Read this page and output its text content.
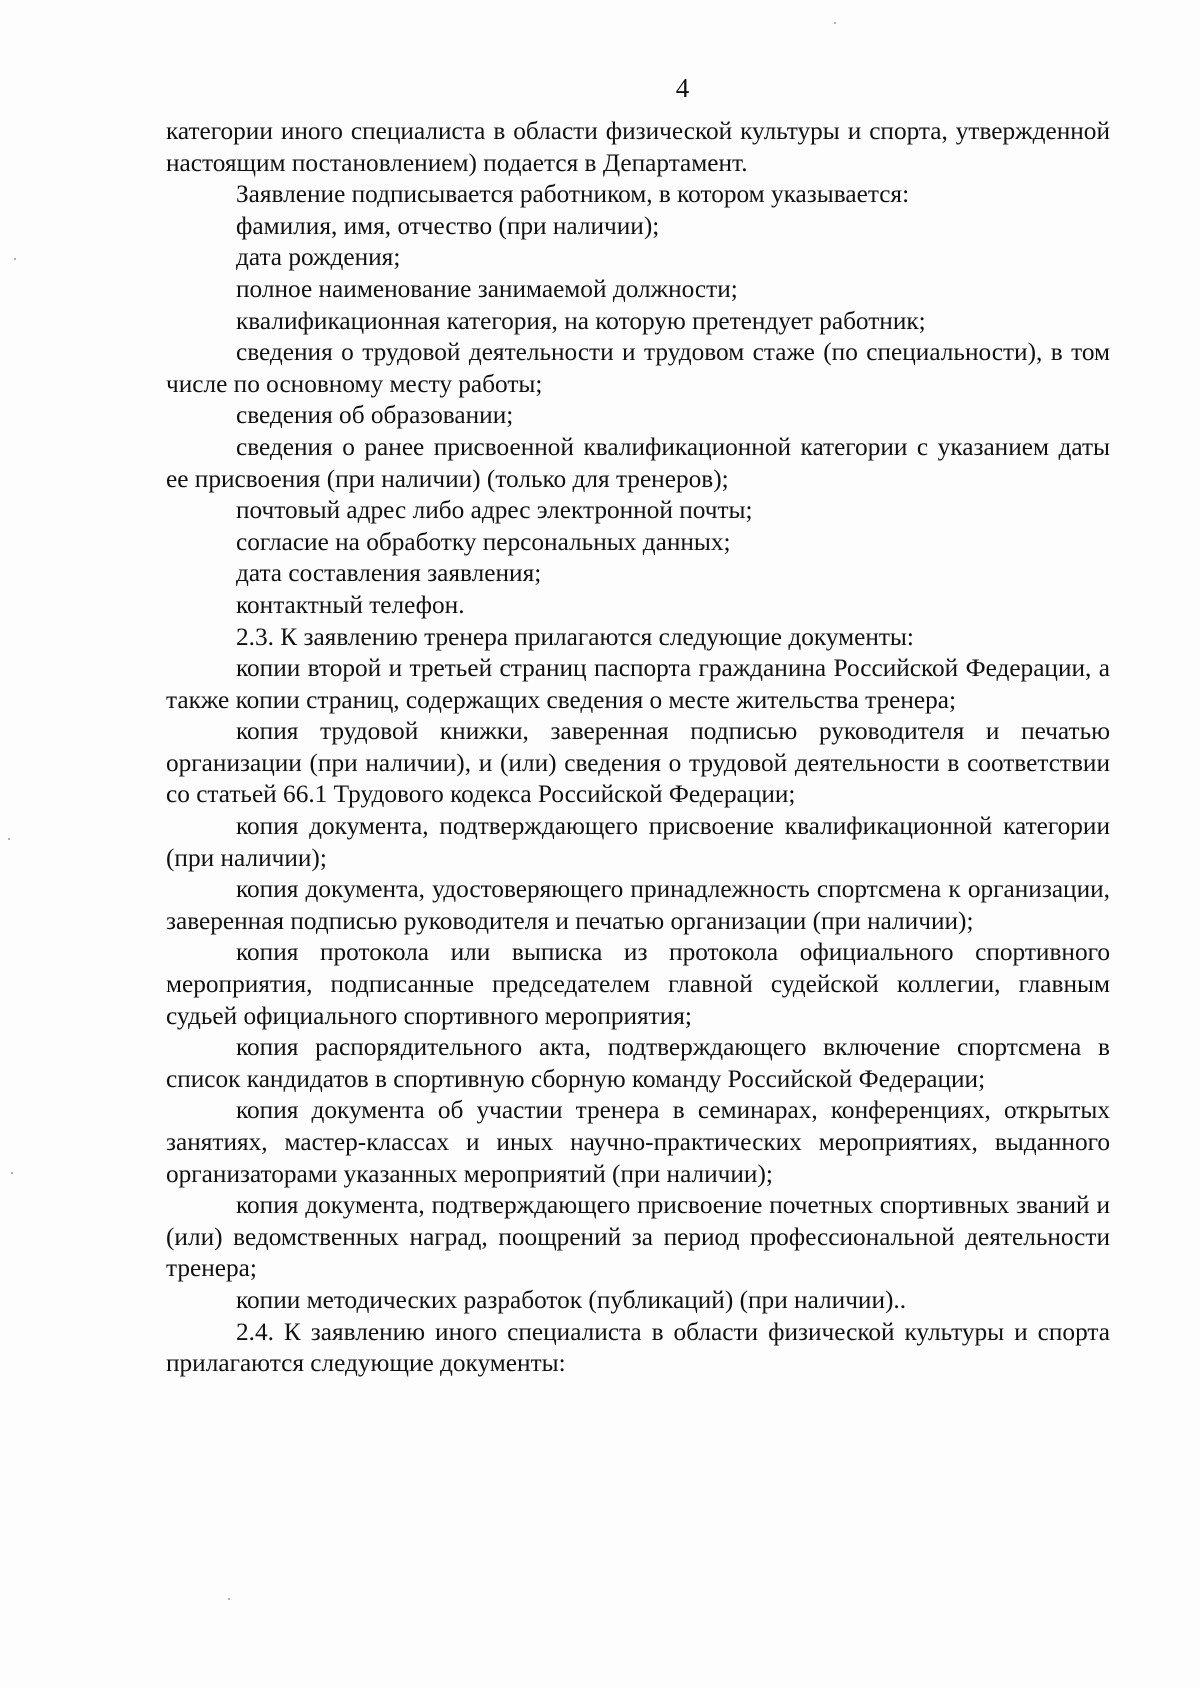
4

категории иного специалиста в области физической культуры и спорта, утвержденной настоящим постановлением) подается в Департамент.

Заявление подписывается работником, в котором указывается:

фамилия, имя, отчество (при наличии);

дата рождения;

полное наименование занимаемой должности;

квалификационная категория, на которую претендует работник;

сведения о трудовой деятельности и трудовом стаже (по специальности), в том числе по основному месту работы;

сведения об образовании;

сведения о ранее присвоенной квалификационной категории с указанием даты ее присвоения (при наличии) (только для тренеров);

почтовый адрес либо адрес электронной почты;

согласие на обработку персональных данных;

дата составления заявления;

контактный телефон.

2.3. К заявлению тренера прилагаются следующие документы:

копии второй и третьей страниц паспорта гражданина Российской Федерации, а также копии страниц, содержащих сведения о месте жительства тренера;

копия трудовой книжки, заверенная подписью руководителя и печатью организации (при наличии), и (или) сведения о трудовой деятельности в соответствии со статьей 66.1 Трудового кодекса Российской Федерации;

копия документа, подтверждающего присвоение квалификационной категории (при наличии);

копия документа, удостоверяющего принадлежность спортсмена к организации, заверенная подписью руководителя и печатью организации (при наличии);

копия протокола или выписка из протокола официального спортивного мероприятия, подписанные председателем главной судейской коллегии, главным судьей официального спортивного мероприятия;

копия распорядительного акта, подтверждающего включение спортсмена в список кандидатов в спортивную сборную команду Российской Федерации;

копия документа об участии тренера в семинарах, конференциях, открытых занятиях, мастер-классах и иных научно-практических мероприятиях, выданного организаторами указанных мероприятий (при наличии);

копия документа, подтверждающего присвоение почетных спортивных званий и (или) ведомственных наград, поощрений за период профессиональной деятельности тренера;

копии методических разработок (публикаций) (при наличии)..

2.4. К заявлению иного специалиста в области физической культуры и спорта прилагаются следующие документы:
